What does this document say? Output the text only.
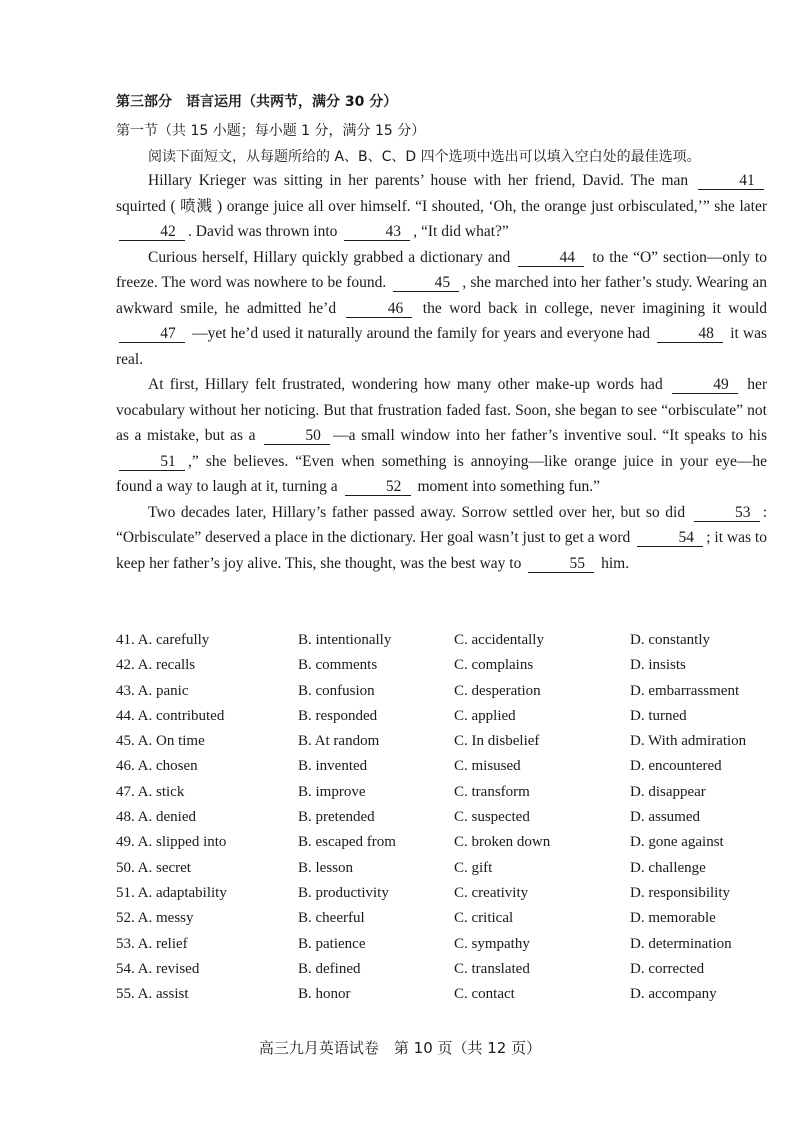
第三部分　语言运用（共两节，满分 30 分）
第一节（共 15 小题；每小题 1 分，满分 15 分）
阅读下面短文，从每题所给的 A、B、C、D 四个选项中选出可以填入空白处的最佳选项。

Hillary Krieger was sitting in her parents’ house with her friend, David. The man	41 squirted ( 喷溅 ) orange juice all over himself. “I shouted, ‘Oh, the orange just orbisculated,’” she later 42 . David was thrown into	43 , “It did what?”

Curious herself, Hillary quickly grabbed a dictionary and	44 to the “O” section—only to freeze. The word was nowhere to be found.	45 , she marched into her father’s study. Wearing an awkward smile, he admitted he’d	46 the word back in college, never imagining it would 47 —yet he’d used it naturally around the family for years and everyone had	48 it was real.

At first, Hillary felt frustrated, wondering how many other make-up words had	49 her vocabulary without her noticing. But that frustration faded fast. Soon, she began to see “orbisculate” not as a mistake, but as a	50 —a small window into her father’s inventive soul. “It speaks to his 51 ,” she believes. “Even when something is annoying—like orange juice in your eye—he found a way to laugh at it, turning a	52 moment into something fun.”

Two decades later, Hillary’s father passed away. Sorrow settled over her, but so did	53 : “Orbisculate” deserved a place in the dictionary. Her goal wasn’t just to get a word	54 ; it was to keep her father’s joy alive. This, she thought, was the best way to	55 him.

41. A. carefully	B. intentionally	C. accidentally	D. constantly
42. A. recalls	B. comments	C. complains	D. insists
43. A. panic	B. confusion	C. desperation	D. embarrassment
44. A. contributed	B. responded	C. applied	D. turned
45. A. On time	B. At random	C. In disbelief	D. With admiration
46. A. chosen	B. invented	C. misused	D. encountered
47. A. stick	B. improve	C. transform	D. disappear
48. A. denied	B. pretended	C. suspected	D. assumed
49. A. slipped into	B. escaped from	C. broken down	D. gone against
50. A. secret	B. lesson	C. gift	D. challenge
51. A. adaptability	B. productivity	C. creativity	D. responsibility
52. A. messy	B. cheerful	C. critical	D. memorable
53. A. relief	B. patience	C. sympathy	D. determination
54. A. revised	B. defined	C. translated	D. corrected
55. A. assist	B. honor	C. contact	D. accompany
高三九月英语试卷　第 10 页（共 12 页）
